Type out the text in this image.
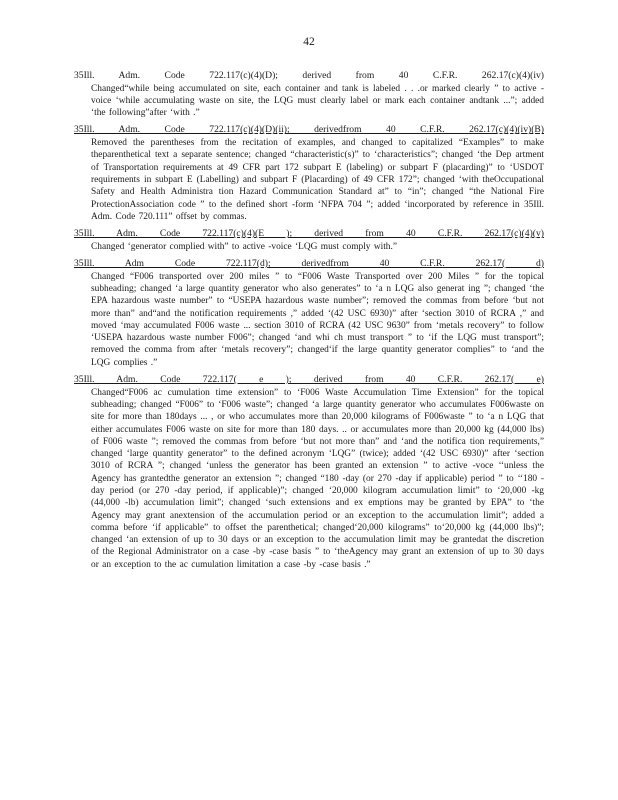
42
35Ill. Adm. Code 722.117(c)(4)(D); derived from 40 C.F.R. 262.17(c)(4)(iv)
Changed“while being accumulated on site, each container and tank is labeled . . .or marked clearly ” to active -voice ‘while accumulating waste on site, the LQG must clearly label or mark each container andtank ...”; added ‘the following”after ‘with .”
35Ill. Adm. Code 722.117(c)(4)(D)(ii); derivedfrom 40 C.F.R. 262.17(c)(4)(iv)(B)
Removed the parentheses from the recitation of examples, and changed to capitalized “Examples” to make theparenthetical text a separate sentence; changed “characteristic(s)” to ‘characteristics”; changed ‘the Dep artment of Transportation requirements at 49 CFR part 172 subpart E (labeling) or subpart F (placarding)” to ‘USDOT requirements in subpart E (Labelling) and subpart F (Placarding) of 49 CFR 172”; changed ‘with theOccupational Safety and Health Administra tion Hazard Communication Standard at” to “in”; changed “the National Fire ProtectionAssociation code ” to the defined short -form ‘NFPA 704 ”; added ‘incorporated by reference in 35Ill. Adm. Code 720.111” offset by commas.
35Ill. Adm. Code 722.117(c)(4)(E ); derived from 40 C.F.R. 262.17(c)(4)(v)
Changed ‘generator complied with” to active -voice ‘LQG must comply with.”
35Ill. Adm Code 722.117(d); derivedfrom 40 C.F.R. 262.17( d)
Changed “F006 transported over 200 miles ” to “F006 Waste Transported over 200 Miles ” for the topical subheading; changed ‘a large quantity generator who also generates” to ‘a n LQG also generat ing ”; changed ‘the EPA hazardous waste number” to “USEPA hazardous waste number”; removed the commas from before ‘but not more than” and“and the notification requirements ,” added ‘(42 USC 6930)” after ‘section 3010 of RCRA ,” and moved ‘may accumulated F006 waste ... section 3010 of RCRA (42 USC 9630” from ‘metals recovery” to follow ‘USEPA hazardous waste number F006”; changed ‘and whi ch must transport ” to ‘if the LQG must transport”; removed the comma from after ‘metals recovery”; changed‘if the large quantity generator complies” to ‘and the LQG complies .”
35Ill. Adm. Code 722.117( e ); derived from 40 C.F.R. 262.17( e)
Changed“F006 ac cumulation time extension” to ‘F006 Waste Accumulation Time Extension” for the topical subheading; changed “F006” to ‘F006 waste”; changed ‘a large quantity generator who accumulates F006waste on site for more than 180days ... , or who accumulates more than 20,000 kilograms of F006waste ” to ‘a n LQG that either accumulates F006 waste on site for more than 180 days. .. or accumulates more than 20,000 kg (44,000 lbs) of F006 waste ”; removed the commas from before ‘but not more than” and ‘and the notifica tion requirements,” changed ‘large quantity generator” to the defined acronym ‘LQG” (twice); added ‘(42 USC 6930)” after ‘section 3010 of RCRA ”; changed ‘unless the generator has been granted an extension ” to active -voce ‘‘unless the Agency has grantedthe generator an extension ”; changed “180 -day (or 270 -day if applicable) period ” to ‘‘180 -day period (or 270 -day period, if applicable)”; changed ‘20,000 kilogram accumulation limit” to ‘20,000 -kg (44,000 -lb) accumulation limit”; changed ‘such extensions and ex emptions may be granted by EPA” to ‘the Agency may grant anextension of the accumulation period or an exception to the accumulation limit”; added a comma before ‘if applicable” to offset the parenthetical; changed‘20,000 kilograms” to‘20,000 kg (44,000 lbs)”; changed ‘an extension of up to 30 days or an exception to the accumulation limit may be grantedat the discretion of the Regional Administrator on a case -by -case basis ” to ‘theAgency may grant an extension of up to 30 days or an exception to the ac cumulation limitation a case -by -case basis .”
